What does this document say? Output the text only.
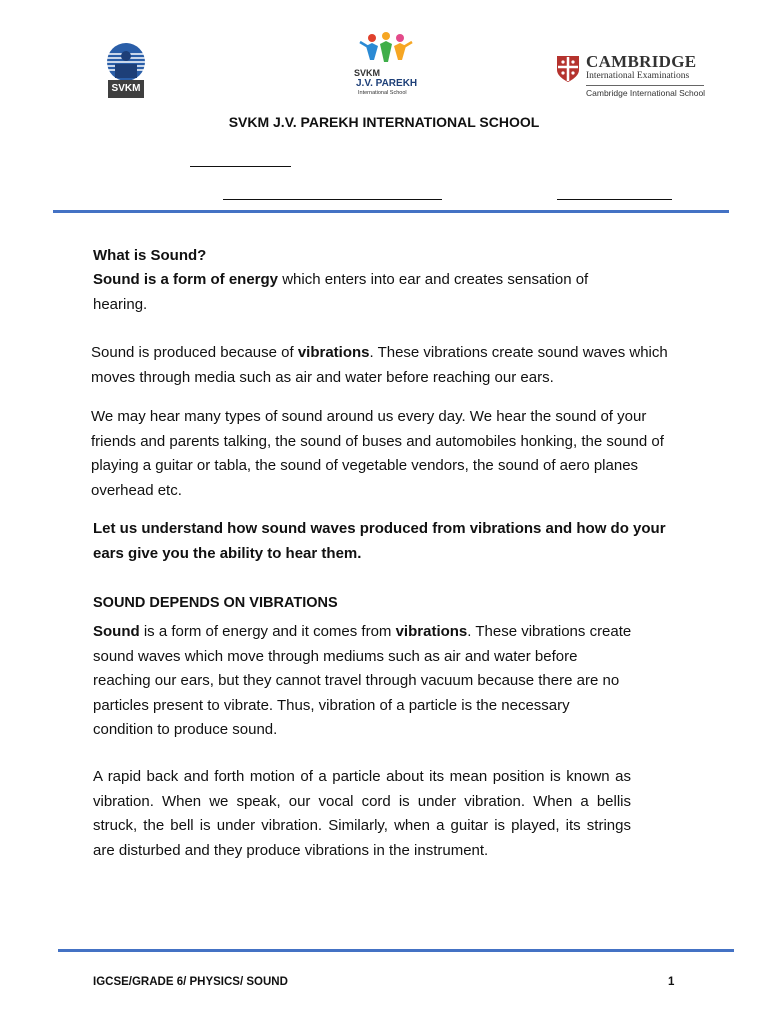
SVKM
SVKM
J.V. PAREKH
International School
CAMBRIDGE
International Examinations
Cambridge International School
SVKM J.V. PAREKH INTERNATIONAL SCHOOL

What is Sound?

Sound is a form of energy which enters into ear and creates sensation of hearing.

Sound is produced because of vibrations. These vibrations create sound waves which moves through media such as air and water before reaching our ears.

We may hear many types of sound around us every day. We hear the sound of your friends and parents talking, the sound of buses and automobiles honking, the sound of playing a guitar or tabla, the sound of vegetable vendors, the sound of aero planes overhead etc.

Let us understand how sound waves produced from vibrations and how do your ears give you the ability to hear them.

SOUND DEPENDS ON VIBRATIONS

Sound is a form of energy and it comes from vibrations. These vibrations create sound waves which move through mediums such as air and water before reaching our ears, but they cannot travel through vacuum because there are no particles present to vibrate. Thus, vibration of a particle is the necessary condition to produce sound.

A rapid back and forth motion of a particle about its mean position is known as vibration. When we speak, our vocal cord is under vibration. When a bellis struck, the bell is under vibration. Similarly, when a guitar is played, its strings are disturbed and they produce vibrations in the instrument.

IGCSE/GRADE 6/ PHYSICS/ SOUND	1
